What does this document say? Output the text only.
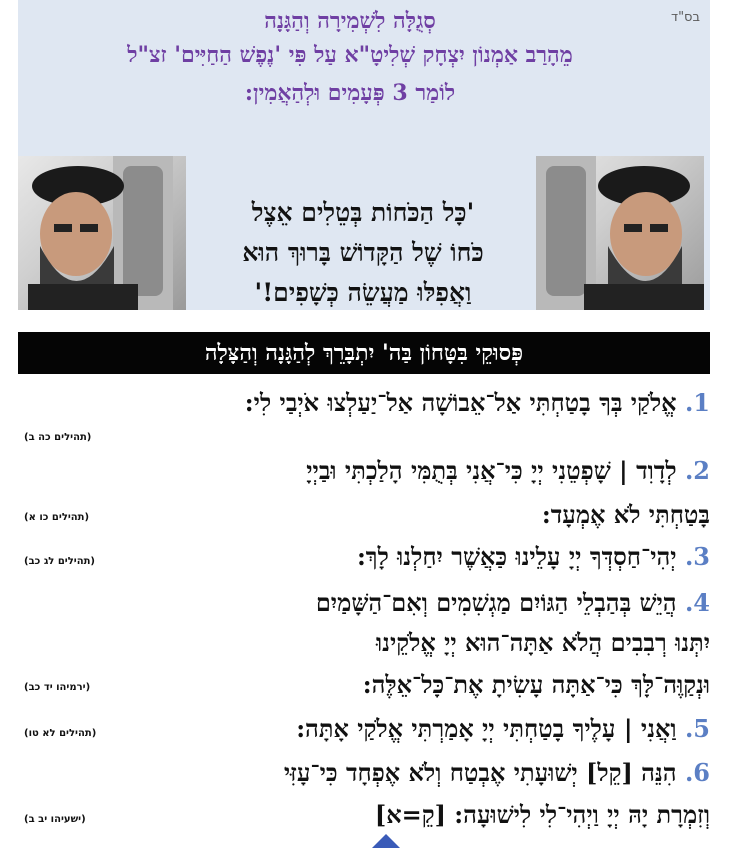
בס"ד
סְגֻלָּה לִשְׁמִירָה וְהַגָּנָה
מֵהָרַב אַמְנוֹן יִצְחָק שְׁלִיטָ"א עַל פִּי 'נֶפֶשׁ הַחַיִּים' זצ"ל
לוֹמַר 3 פְּעָמִים וּלְהַאֲמִין:
'כָּל הַכֹּחוֹת בְּטֵלִים אֵצֶל
כֹּחוֹ שֶׁל הַקָּדוֹשׁ בָּרוּךְ הוּא
וַאֲפִלּוּ מַעֲשֵׂה כְּשָׁפִים!'
פְּסוּקֵי בִּטָּחוֹן בַּה' יִתְבָּרֵךְ לְהַגָּנָה וְהַצָּלָה
1. אֱלֹקַי בְּךָ בָטַחְתִּי אַל־אֵבוֹשָׁה אַל־יַעַלְצוּ אֹיְבַי לִי:
(תהילים כה ב)
2. לְדָוִד | שָׁפְטֵנִי יְיָ כִּי־אֲנִי בְּתֻמִּי הָלַכְתִּי וּבַיְיָ
בָּטַחְתִּי לֹא אֶמְעָד:
(תהילים כו א)
3. יְהִי־חַסְדְּךָ יְיָ עָלֵינוּ כַּאֲשֶׁר יִחַלְנוּ לָךְ:
(תהילים לג כב)
4. הֲיֵשׁ בְּהַבְלֵי הַגּוֹיִם מַגְשִׁמִים וְאִם־הַשָּׁמַיִם
יִתְּנוּ רְבִבִים הֲלֹא אַתָּה־הוּא יְיָ אֱלֹקֵינוּ
וּנְקַוֶּה־לָּךְ כִּי־אַתָּה עָשִׂיתָ אֶת־כָּל־אֵלֶּה:
(ירמיהו יד כב)
5. וַאֲנִי | עָלֶיךָ בָטַחְתִּי יְיָ אָמַרְתִּי אֱלֹקַי אָתָּה:
(תהילים לא טו)
6. הִנֵּה [קֵל] יְשׁוּעָתִי אֶבְטַח וְלֹא אֶפְחָד כִּי־עָזִּי
וְזִמְרָת יָהּ יְיָ וַיְהִי־לִי לִישׁוּעָה: [קֵ=א]
(ישעיהו יב ב)
